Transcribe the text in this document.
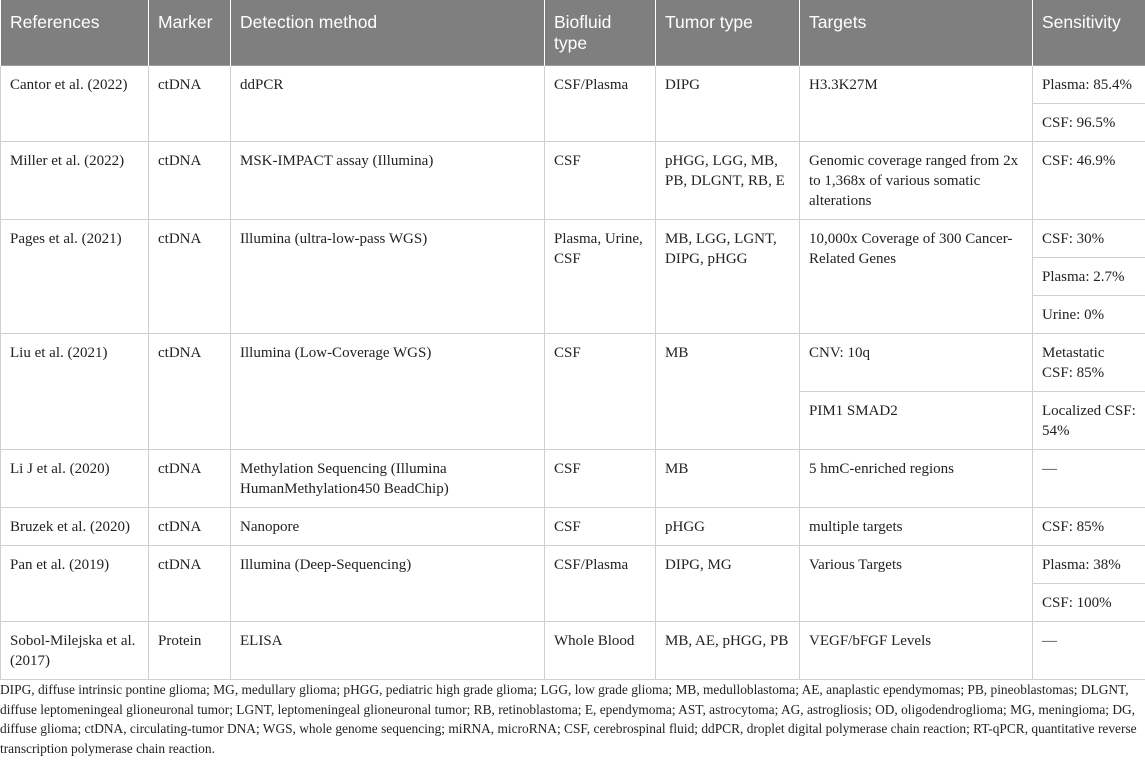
References	Marker	Detection method	Biofluid type	Tumor type	Targets	Sensitivity
Cantor et al. (2022)	ctDNA	ddPCR	CSF/Plasma	DIPG	H3.3K27M	Plasma: 85.4%
						CSF: 96.5%
Miller et al. (2022)	ctDNA	MSK-IMPACT assay (Illumina)	CSF	pHGG, LGG, MB, PB, DLGNT, RB, E	Genomic coverage ranged from 2x to 1,368x of various somatic alterations	CSF: 46.9%
Pages et al. (2021)	ctDNA	Illumina (ultra-low-pass WGS)	Plasma, Urine, CSF	MB, LGG, LGNT, DIPG, pHGG	10,000x Coverage of 300 Cancer-Related Genes	CSF: 30%
						Plasma: 2.7%
						Urine: 0%
Liu et al. (2021)	ctDNA	Illumina (Low-Coverage WGS)	CSF	MB	CNV: 10q	Metastatic CSF: 85%
					PIM1 SMAD2	Localized CSF: 54%
Li J et al. (2020)	ctDNA	Methylation Sequencing (Illumina HumanMethylation450 BeadChip)	CSF	MB	5 hmC-enriched regions	—
Bruzek et al. (2020)	ctDNA	Nanopore	CSF	pHGG	multiple targets	CSF: 85%
Pan et al. (2019)	ctDNA	Illumina (Deep-Sequencing)	CSF/Plasma	DIPG, MG	Various Targets	Plasma: 38%
						CSF: 100%
Sobol-Milejska et al. (2017)	Protein	ELISA	Whole Blood	MB, AE, pHGG, PB	VEGF/bFGF Levels	—
DIPG, diffuse intrinsic pontine glioma; MG, medullary glioma; pHGG, pediatric high grade glioma; LGG, low grade glioma; MB, medulloblastoma; AE, anaplastic ependymomas; PB, pineoblastomas; DLGNT, diffuse leptomeningeal glioneuronal tumor; LGNT, leptomeningeal glioneuronal tumor; RB, retinoblastoma; E, ependymoma; AST, astrocytoma; AG, astrogliosis; OD, oligodendroglioma; MG, meningioma; DG, diffuse glioma; ctDNA, circulating-tumor DNA; WGS, whole genome sequencing; miRNA, microRNA; CSF, cerebrospinal fluid; ddPCR, droplet digital polymerase chain reaction; RT-qPCR, quantitative reverse transcription polymerase chain reaction.
